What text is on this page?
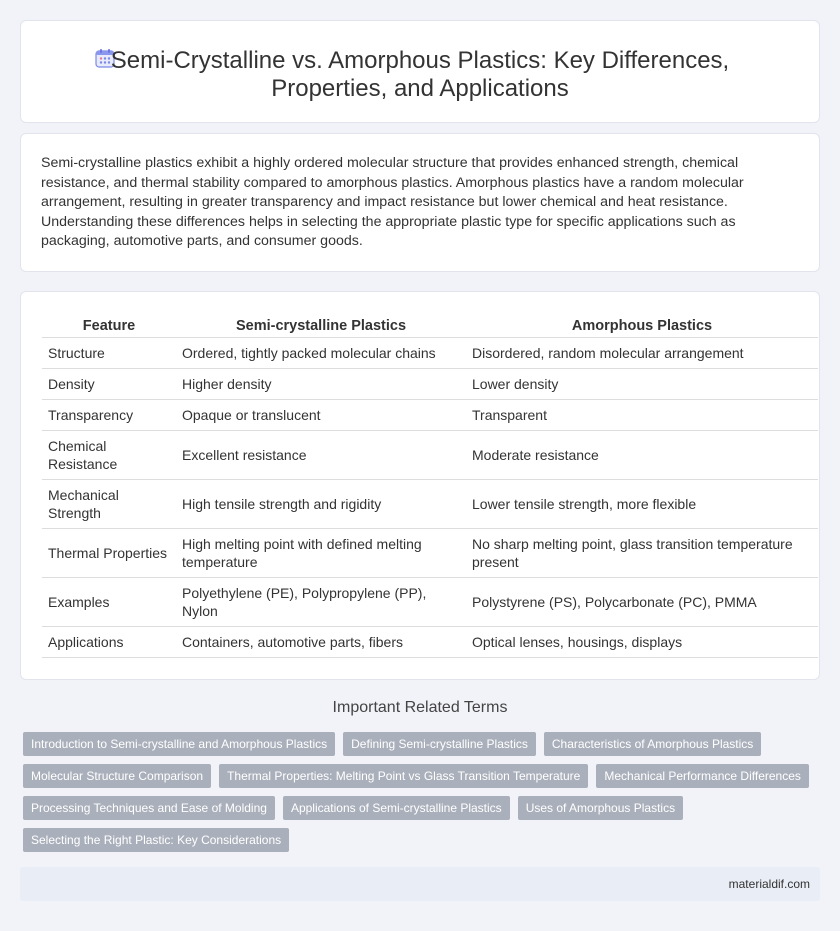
Semi-Crystalline vs. Amorphous Plastics: Key Differences, Properties, and Applications

Semi-crystalline plastics exhibit a highly ordered molecular structure that provides enhanced strength, chemical resistance, and thermal stability compared to amorphous plastics. Amorphous plastics have a random molecular arrangement, resulting in greater transparency and impact resistance but lower chemical and heat resistance. Understanding these differences helps in selecting the appropriate plastic type for specific applications such as packaging, automotive parts, and consumer goods.

Feature	Semi-crystalline Plastics	Amorphous Plastics
Structure	Ordered, tightly packed molecular chains	Disordered, random molecular arrangement
Density	Higher density	Lower density
Transparency	Opaque or translucent	Transparent
Chemical Resistance	Excellent resistance	Moderate resistance
Mechanical Strength	High tensile strength and rigidity	Lower tensile strength, more flexible
Thermal Properties	High melting point with defined melting temperature	No sharp melting point, glass transition temperature present
Examples	Polyethylene (PE), Polypropylene (PP), Nylon	Polystyrene (PS), Polycarbonate (PC), PMMA
Applications	Containers, automotive parts, fibers	Optical lenses, housings, displays
Important Related Terms
Introduction to Semi-crystalline and Amorphous Plastics	Defining Semi-crystalline Plastics	Characteristics of Amorphous Plastics
Molecular Structure Comparison	Thermal Properties: Melting Point vs Glass Transition Temperature	Mechanical Performance Differences
Processing Techniques and Ease of Molding	Applications of Semi-crystalline Plastics	Uses of Amorphous Plastics
Selecting the Right Plastic: Key Considerations
materialdif.com
